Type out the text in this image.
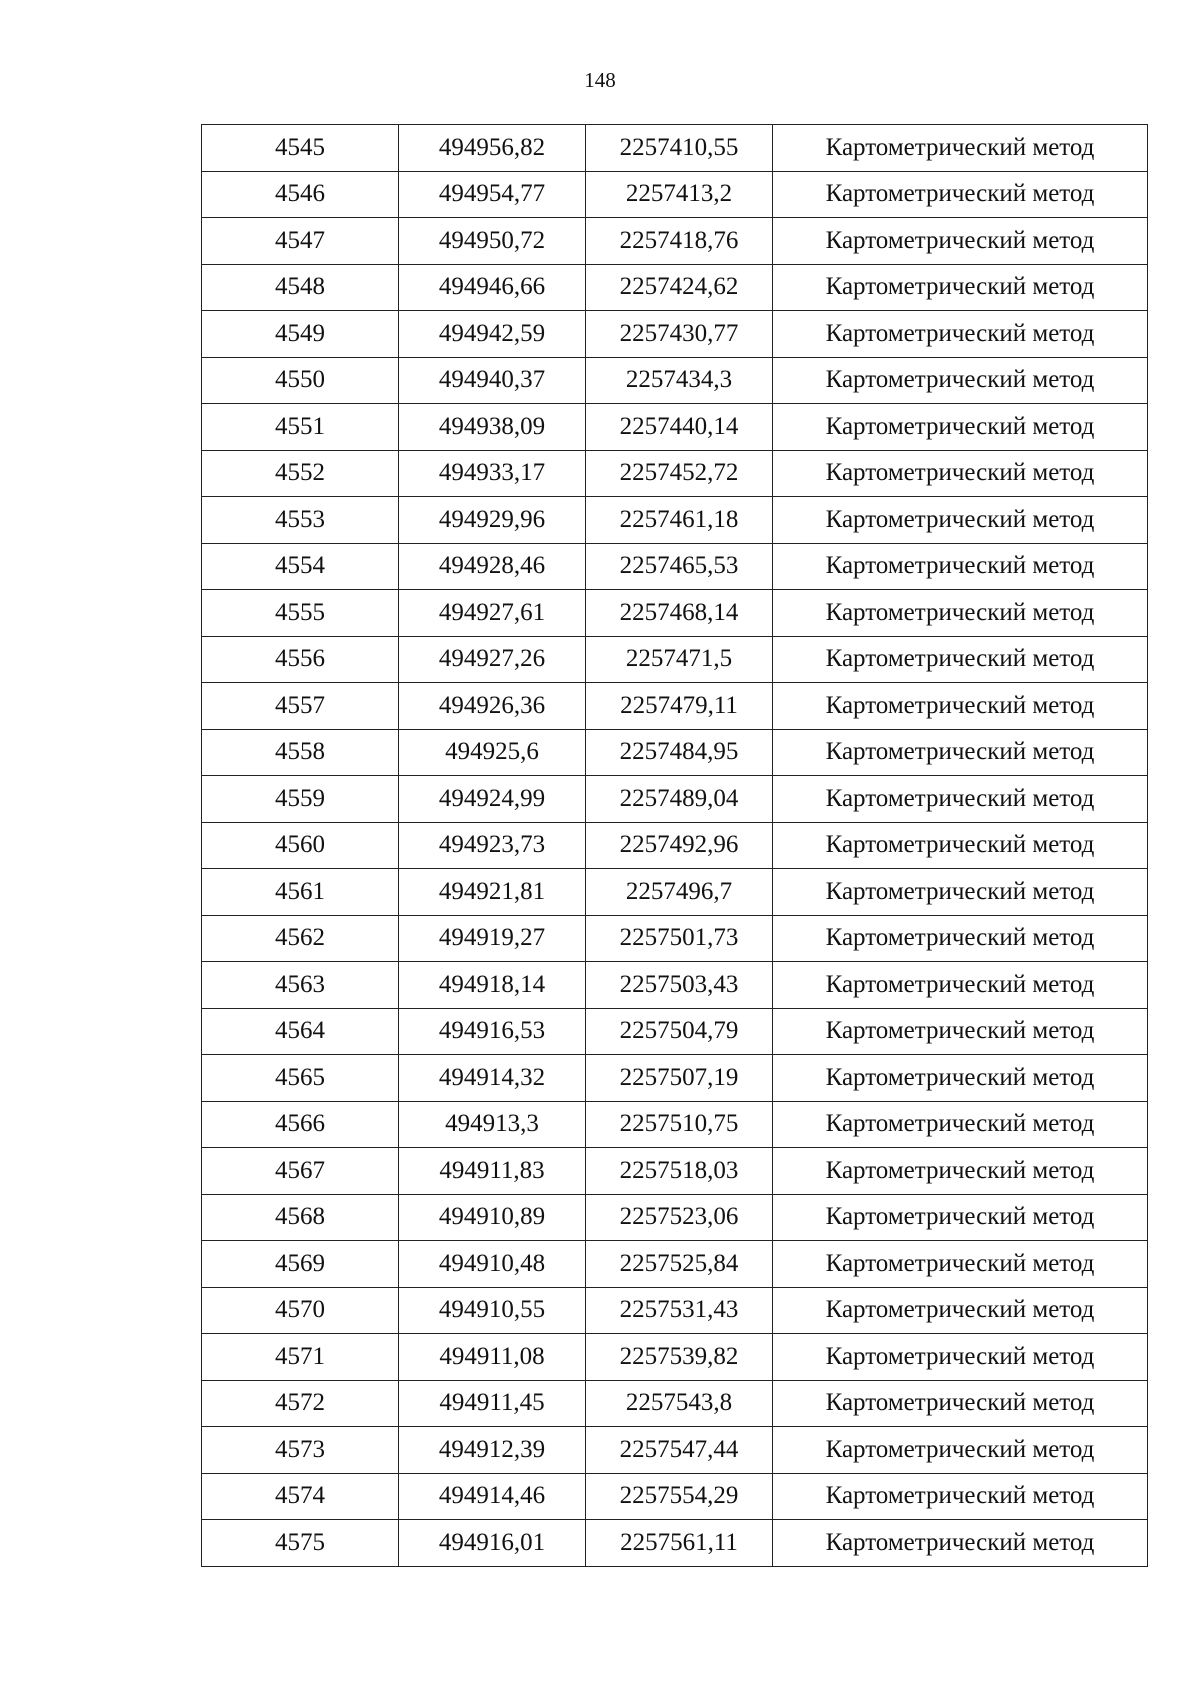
148
4545	494956,82	2257410,55	Картометрический метод
4546	494954,77	2257413,2	Картометрический метод
4547	494950,72	2257418,76	Картометрический метод
4548	494946,66	2257424,62	Картометрический метод
4549	494942,59	2257430,77	Картометрический метод
4550	494940,37	2257434,3	Картометрический метод
4551	494938,09	2257440,14	Картометрический метод
4552	494933,17	2257452,72	Картометрический метод
4553	494929,96	2257461,18	Картометрический метод
4554	494928,46	2257465,53	Картометрический метод
4555	494927,61	2257468,14	Картометрический метод
4556	494927,26	2257471,5	Картометрический метод
4557	494926,36	2257479,11	Картометрический метод
4558	494925,6	2257484,95	Картометрический метод
4559	494924,99	2257489,04	Картометрический метод
4560	494923,73	2257492,96	Картометрический метод
4561	494921,81	2257496,7	Картометрический метод
4562	494919,27	2257501,73	Картометрический метод
4563	494918,14	2257503,43	Картометрический метод
4564	494916,53	2257504,79	Картометрический метод
4565	494914,32	2257507,19	Картометрический метод
4566	494913,3	2257510,75	Картометрический метод
4567	494911,83	2257518,03	Картометрический метод
4568	494910,89	2257523,06	Картометрический метод
4569	494910,48	2257525,84	Картометрический метод
4570	494910,55	2257531,43	Картометрический метод
4571	494911,08	2257539,82	Картометрический метод
4572	494911,45	2257543,8	Картометрический метод
4573	494912,39	2257547,44	Картометрический метод
4574	494914,46	2257554,29	Картометрический метод
4575	494916,01	2257561,11	Картометрический метод
